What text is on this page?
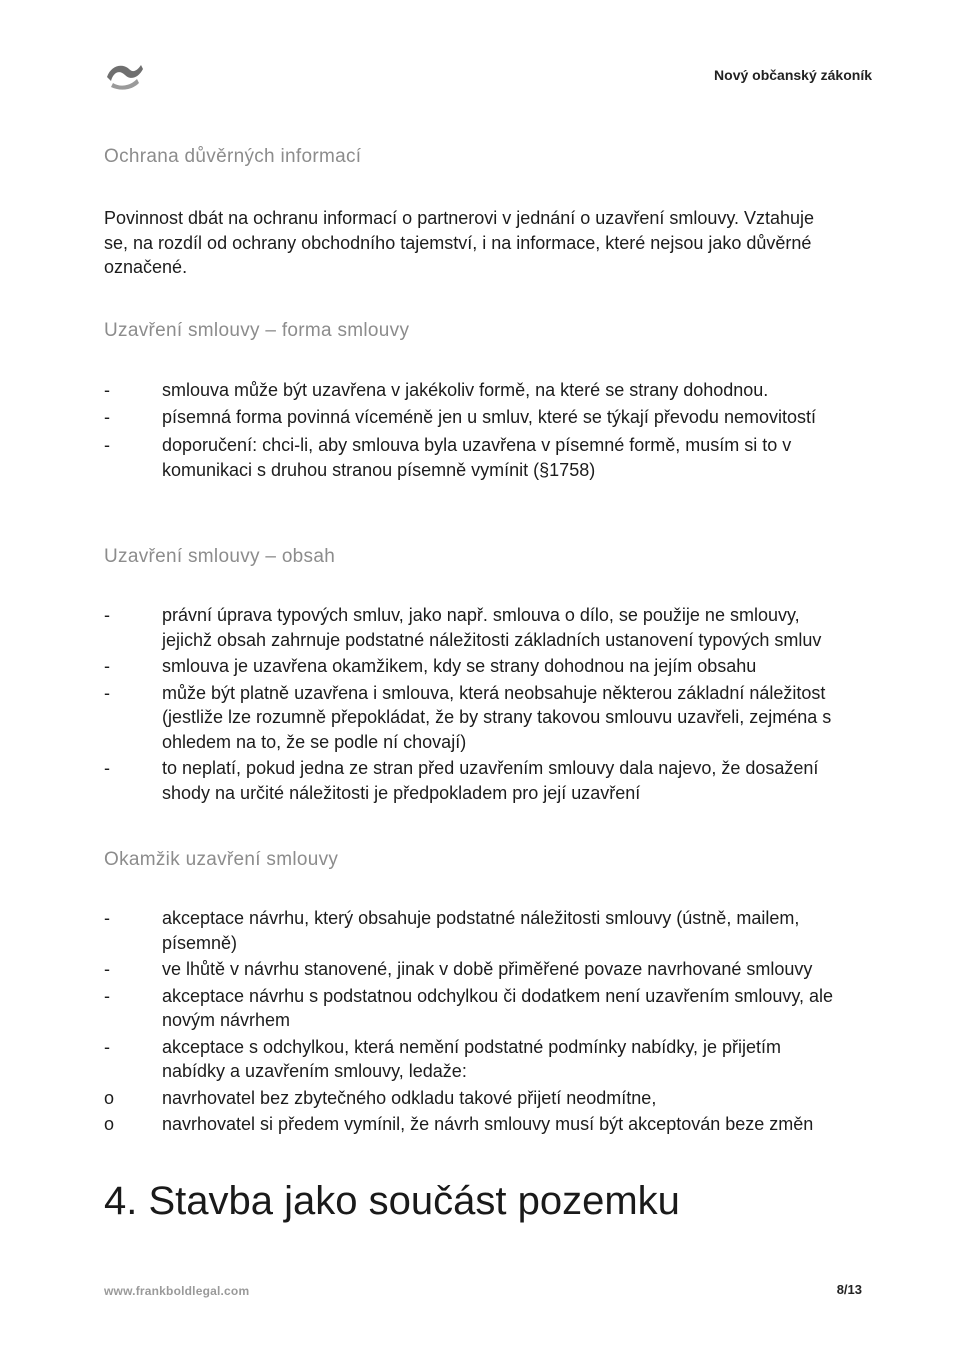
Nový občanský zákoník
Ochrana důvěrných informací
Povinnost dbát na ochranu informací o partnerovi v jednání o uzavření smlouvy. Vztahuje se, na rozdíl od ochrany obchodního tajemství, i na informace, které nejsou jako důvěrné označené.
Uzavření smlouvy – forma smlouvy
-	smlouva může být uzavřena v jakékoliv formě, na které se strany dohodnou.
-	písemná forma povinná víceméně jen u smluv, které se týkají převodu nemovitostí
-	doporučení: chci-li, aby smlouva byla uzavřena v písemné formě, musím si to v komunikaci s druhou stranou písemně vymínit (§1758)
Uzavření smlouvy – obsah
-	právní úprava typových smluv, jako např. smlouva o dílo, se použije ne smlouvy, jejichž obsah zahrnuje podstatné náležitosti základních ustanovení typových smluv
-	smlouva je uzavřena okamžikem, kdy se strany dohodnou na jejím obsahu
-	může být platně uzavřena i smlouva, která neobsahuje některou základní náležitost (jestliže lze rozumně přepokládat, že by strany takovou smlouvu uzavřeli, zejména s ohledem na to, že se podle ní chovají)
-	to neplatí, pokud jedna ze stran před uzavřením smlouvy dala najevo, že dosažení shody na určité náležitosti je předpokladem pro její uzavření
Okamžik uzavření smlouvy
-	akceptace návrhu, který obsahuje podstatné náležitosti smlouvy (ústně, mailem, písemně)
-	ve lhůtě v návrhu stanovené, jinak v době přiměřené povaze navrhované smlouvy
-	akceptace návrhu s podstatnou odchylkou či dodatkem není uzavřením smlouvy, ale novým návrhem
-	akceptace s odchylkou, která nemění podstatné podmínky nabídky, je přijetím nabídky a uzavřením smlouvy, ledaže:
o	navrhovatel bez zbytečného odkladu takové přijetí neodmítne,
o	navrhovatel si předem vymínil, že návrh smlouvy musí být akceptován beze změn
4. Stavba jako součást pozemku
www.frankboldlegal.com	8/13
